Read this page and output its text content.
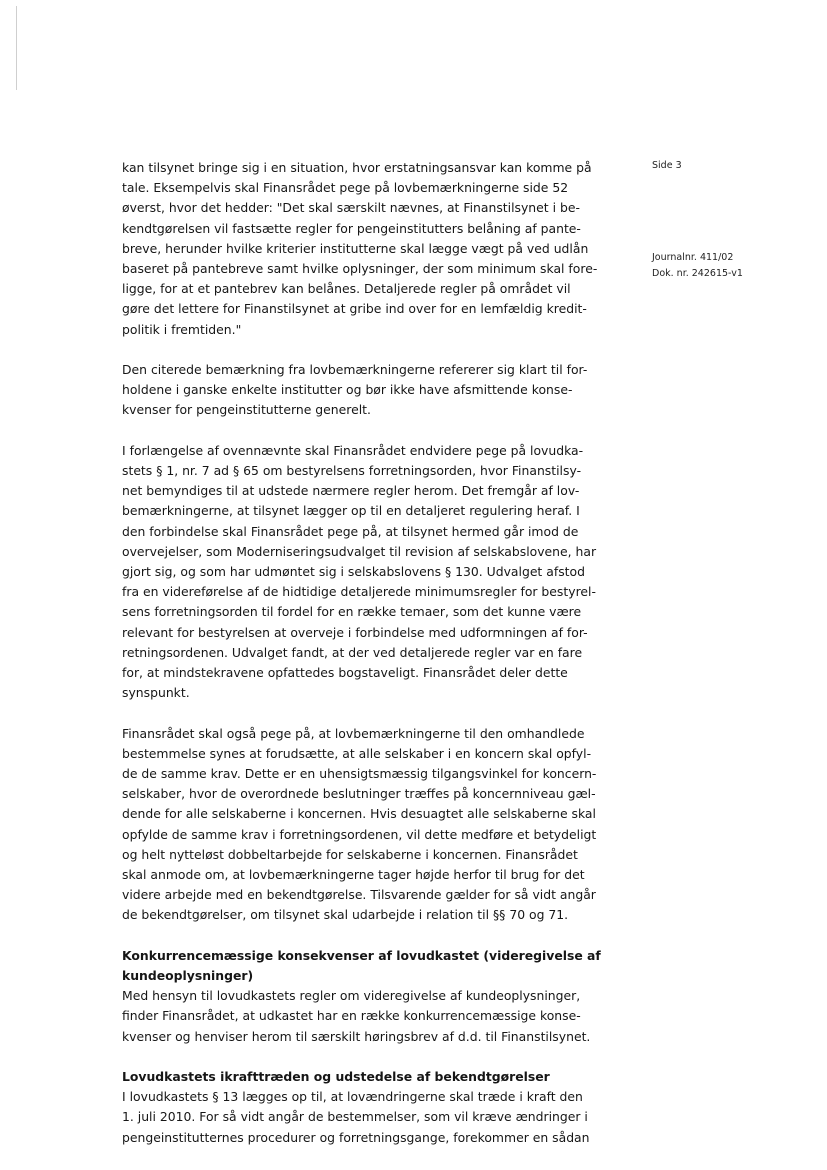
Side 3
Journalnr. 411/02
Dok. nr. 242615-v1
kan tilsynet bringe sig i en situation, hvor erstatningsansvar kan komme på
tale. Eksempelvis skal Finansrådet pege på lovbemærkningerne side 52
øverst, hvor det hedder: "Det skal særskilt nævnes, at Finanstilsynet i be-
kendtgørelsen vil fastsætte regler for pengeinstitutters belåning af pante-
breve, herunder hvilke kriterier institutterne skal lægge vægt på ved udlån
baseret på pantebreve samt hvilke oplysninger, der som minimum skal fore-
ligge, for at et pantebrev kan belånes. Detaljerede regler på området vil
gøre det lettere for Finanstilsynet at gribe ind over for en lemfældig kredit-
politik i fremtiden."
Den citerede bemærkning fra lovbemærkningerne refererer sig klart til for-
holdene i ganske enkelte institutter og bør ikke have afsmittende konse-
kvenser for pengeinstitutterne generelt.
I forlængelse af ovennævnte skal Finansrådet endvidere pege på lovudka-
stets § 1, nr. 7 ad § 65 om bestyrelsens forretningsorden, hvor Finanstilsy-
net bemyndiges til at udstede nærmere regler herom. Det fremgår af lov-
bemærkningerne, at tilsynet lægger op til en detaljeret regulering heraf. I
den forbindelse skal Finansrådet pege på, at tilsynet hermed går imod de
overvejelser, som Moderniseringsudvalget til revision af selskabslovene, har
gjort sig, og som har udmøntet sig i selskabslovens § 130. Udvalget afstod
fra en videreførelse af de hidtidige detaljerede minimumsregler for bestyrel-
sens forretningsorden til fordel for en række temaer, som det kunne være
relevant for bestyrelsen at overveje i forbindelse med udformningen af for-
retningsordenen. Udvalget fandt, at der ved detaljerede regler var en fare
for, at mindstekravene opfattedes bogstaveligt. Finansrådet deler dette
synspunkt.
Finansrådet skal også pege på, at lovbemærkningerne til den omhandlede
bestemmelse synes at forudsætte, at alle selskaber i en koncern skal opfyl-
de de samme krav. Dette er en uhensigtsmæssig tilgangsvinkel for koncern-
selskaber, hvor de overordnede beslutninger træffes på koncernniveau gæl-
dende for alle selskaberne i koncernen. Hvis desuagtet alle selskaberne skal
opfylde de samme krav i forretningsordenen, vil dette medføre et betydeligt
og helt nytteløst dobbeltarbejde for selskaberne i koncernen. Finansrådet
skal anmode om, at lovbemærkningerne tager højde herfor til brug for det
videre arbejde med en bekendtgørelse. Tilsvarende gælder for så vidt angår
de bekendtgørelser, om tilsynet skal udarbejde i relation til §§ 70 og 71.
Konkurrencemæssige konsekvenser af lovudkastet (videregivelse af
kundeoplysninger)
Med hensyn til lovudkastets regler om videregivelse af kundeoplysninger,
finder Finansrådet, at udkastet har en række konkurrencemæssige konse-
kvenser og henviser herom til særskilt høringsbrev af d.d. til Finanstilsynet.
Lovudkastets ikrafttræden og udstedelse af bekendtgørelser
I lovudkastets § 13 lægges op til, at lovændringerne skal træde i kraft den
1. juli 2010. For så vidt angår de bestemmelser, som vil kræve ændringer i
pengeinstitutternes procedurer og forretningsgange, forekommer en sådan
